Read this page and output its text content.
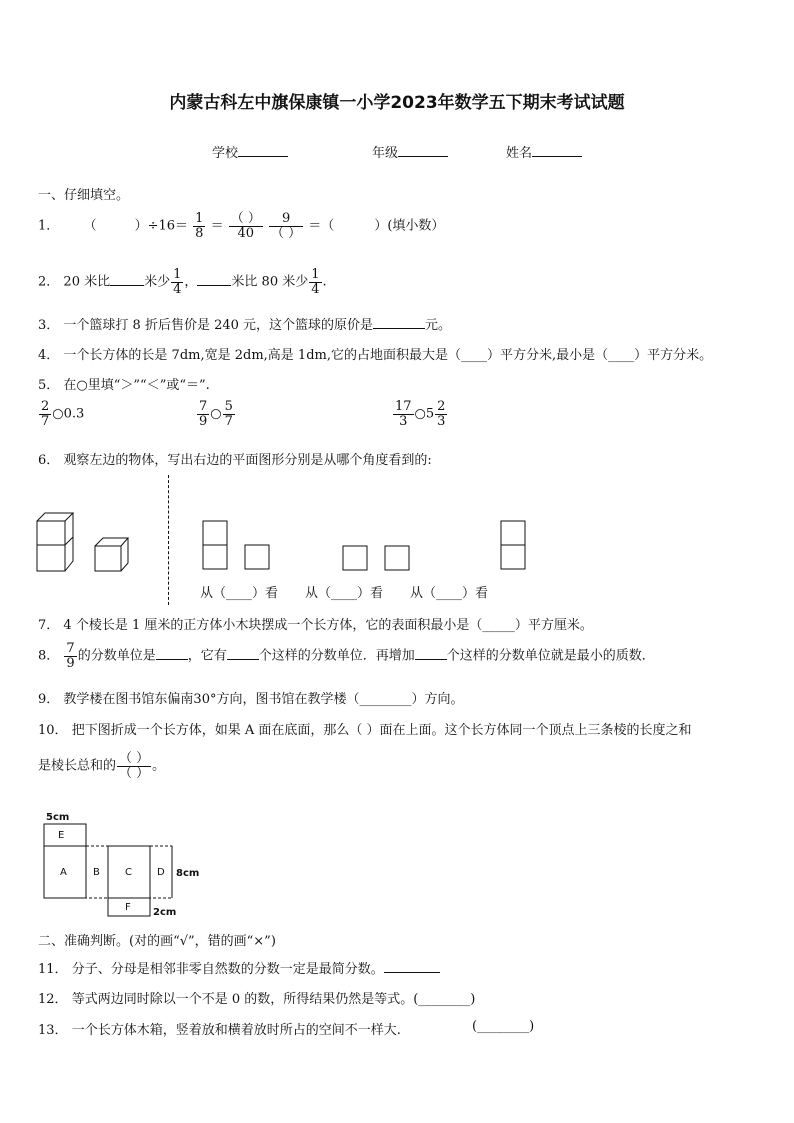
内蒙古科左中旗保康镇一小学2023年数学五下期末考试试题
学校	年级	姓名
一、仔细填空。
1． （	）$\div 16= \frac{1}{8} = \frac{( )}{40}$
$\frac{9}{( )}$ ＝（	）(填小数）
2． 20 米比	米少 $\frac{1}{4}$ ，	米比 80 米少 $\frac{1}{4}$ .
3． 一个篮球打 8 折后售价是 240 元，这个篮球的原价是	元。
4． 一个长方体的长是 7dm,宽是 2dm,高是 1dm,它的占地面积最大是（____）平方分米,最小是（____）平方分米。
5． 在○里填“＞”“＜”或“＝”.
$\frac{2}{7}$ ○0.3	$\frac{7}{9}$ ○ $\frac{5}{7}$	$\frac{17}{3}$ ○5 $\frac{2}{3}$
6． 观察左边的物体，写出右边的平面图形分别是从哪个角度看到的:
从（____）看 从（____）看 从（____）看
7． 4 个棱长是 1 厘米的正方体小木块摆成一个长方体，它的表面积最小是（_____）平方厘米。
8． $\frac{7}{9}$ 的分数单位是 ，它有 个这样的分数单位．再增加 个这样的分数单位就是最小的质数．
9． 教学楼在图书馆东偏南30°方向，图书馆在教学楼（________）方向。
10． 把下图折成一个长方体，如果 A 面在底面，那么（ ）面在上面。这个长方体同一个顶点上三条棱的长度之和
是棱长总和的 $\frac{( )}{( )}$ 。
5cm
E
A	B	C	D 8cm
F 2cm
二、准确判断。(对的画“√”，错的画“×”)
11． 分子、分母是相邻非零自然数的分数一定是最简分数。
12． 等式两边同时除以一个不是 0 的数，所得结果仍然是等式。(________)
13． 一个长方体木箱，竖着放和横着放时所占的空间不一样大.	(________)
